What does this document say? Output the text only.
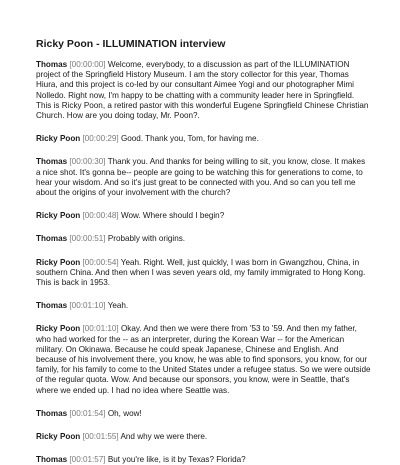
Ricky Poon - ILLUMINATION interview

Thomas [00:00:00] Welcome, everybody, to a discussion as part of the ILLUMINATION project of the Springfield History Museum. I am the story collector for this year, Thomas Hiura, and this project is co-led by our consultant Aimee Yogi and our photographer Mimi Nolledo. Right now, I'm happy to be chatting with a community leader here in Springfield. This is Ricky Poon, a retired pastor with this wonderful Eugene Springfield Chinese Christian Church. How are you doing today, Mr. Poon?.

Ricky Poon [00:00:29] Good. Thank you, Tom, for having me.

Thomas [00:00:30] Thank you. And thanks for being willing to sit, you know, close. It makes a nice shot. It's gonna be-- people are going to be watching this for generations to come, to hear your wisdom. And so it's just great to be connected with you. And so can you tell me about the origins of your involvement with the church?

Ricky Poon [00:00:48] Wow. Where should I begin?

Thomas [00:00:51] Probably with origins.

Ricky Poon [00:00:54] Yeah. Right. Well, just quickly, I was born in Gwangzhou, China, in southern China. And then when I was seven years old, my family immigrated to Hong Kong. This is back in 1953.

Thomas [00:01:10] Yeah.

Ricky Poon [00:01:10] Okay. And then we were there from '53 to '59. And then my father, who had worked for the -- as an interpreter, during the Korean War -- for the American military. On Okinawa. Because he could speak Japanese, Chinese and English. And because of his involvement there, you know, he was able to find sponsors, you know, for our family, for his family to come to the United States under a refugee status. So we were outside of the regular quota. Wow. And because our sponsors, you know, were in Seattle, that's where we ended up. I had no idea where Seattle was.

Thomas [00:01:54] Oh, wow!

Ricky Poon [00:01:55] And why we were there.

Thomas [00:01:57] But you're like, is it by Texas? Florida?
